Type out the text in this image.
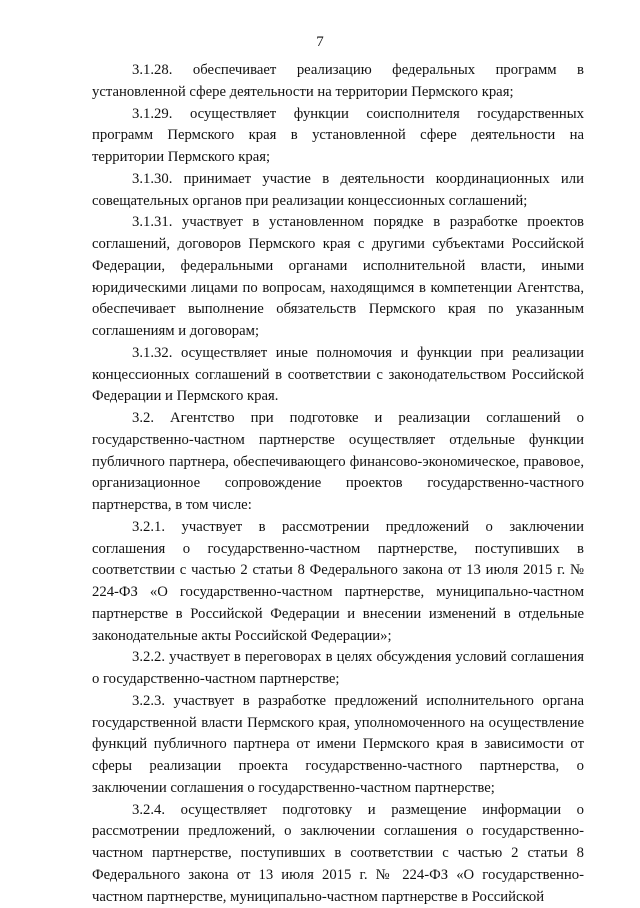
7

3.1.28. обеспечивает реализацию федеральных программ в установленной сфере деятельности на территории Пермского края;

3.1.29. осуществляет функции соисполнителя государственных программ Пермского края в установленной сфере деятельности на территории Пермского края;

3.1.30. принимает участие в деятельности координационных или совещательных органов при реализации концессионных соглашений;

3.1.31. участвует в установленном порядке в разработке проектов соглашений, договоров Пермского края с другими субъектами Российской Федерации, федеральными органами исполнительной власти, иными юридическими лицами по вопросам, находящимся в компетенции Агентства, обеспечивает выполнение обязательств Пермского края по указанным соглашениям и договорам;

3.1.32. осуществляет иные полномочия и функции при реализации концессионных соглашений в соответствии с законодательством Российской Федерации и Пермского края.

3.2. Агентство при подготовке и реализации соглашений о государственно-частном партнерстве осуществляет отдельные функции публичного партнера, обеспечивающего финансово-экономическое, правовое, организационное сопровождение проектов государственно-частного партнерства, в том числе:

3.2.1. участвует в рассмотрении предложений о заключении соглашения о государственно-частном партнерстве, поступивших в соответствии с частью 2 статьи 8 Федерального закона от 13 июля 2015 г. № 224-ФЗ «О государственно-частном партнерстве, муниципально-частном партнерстве в Российской Федерации и внесении изменений в отдельные законодательные акты Российской Федерации»;

3.2.2. участвует в переговорах в целях обсуждения условий соглашения о государственно-частном партнерстве;

3.2.3. участвует в разработке предложений исполнительного органа государственной власти Пермского края, уполномоченного на осуществление функций публичного партнера от имени Пермского края в зависимости от сферы реализации проекта государственно-частного партнерства, о заключении соглашения о государственно-частном партнерстве;

3.2.4. осуществляет подготовку и размещение информации о рассмотрении предложений, о заключении соглашения о государственно-частном партнерстве, поступивших в соответствии с частью 2 статьи 8 Федерального закона от 13 июля 2015 г. № 224-ФЗ «О государственно-частном партнерстве, муниципально-частном партнерстве в Российской
